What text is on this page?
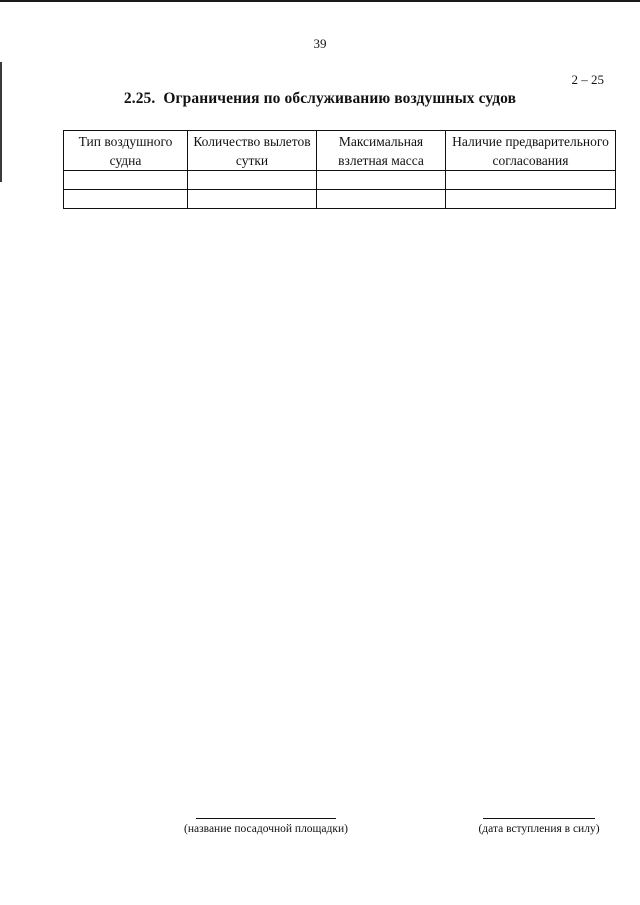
39
2 – 25
2.25. Ограничения по обслуживанию воздушных судов
Тип воздушного судна	Количество вылетов сутки	Максимальная взлетная масса	Наличие предварительного согласования

(название посадочной площадки)	(дата вступления в силу)
